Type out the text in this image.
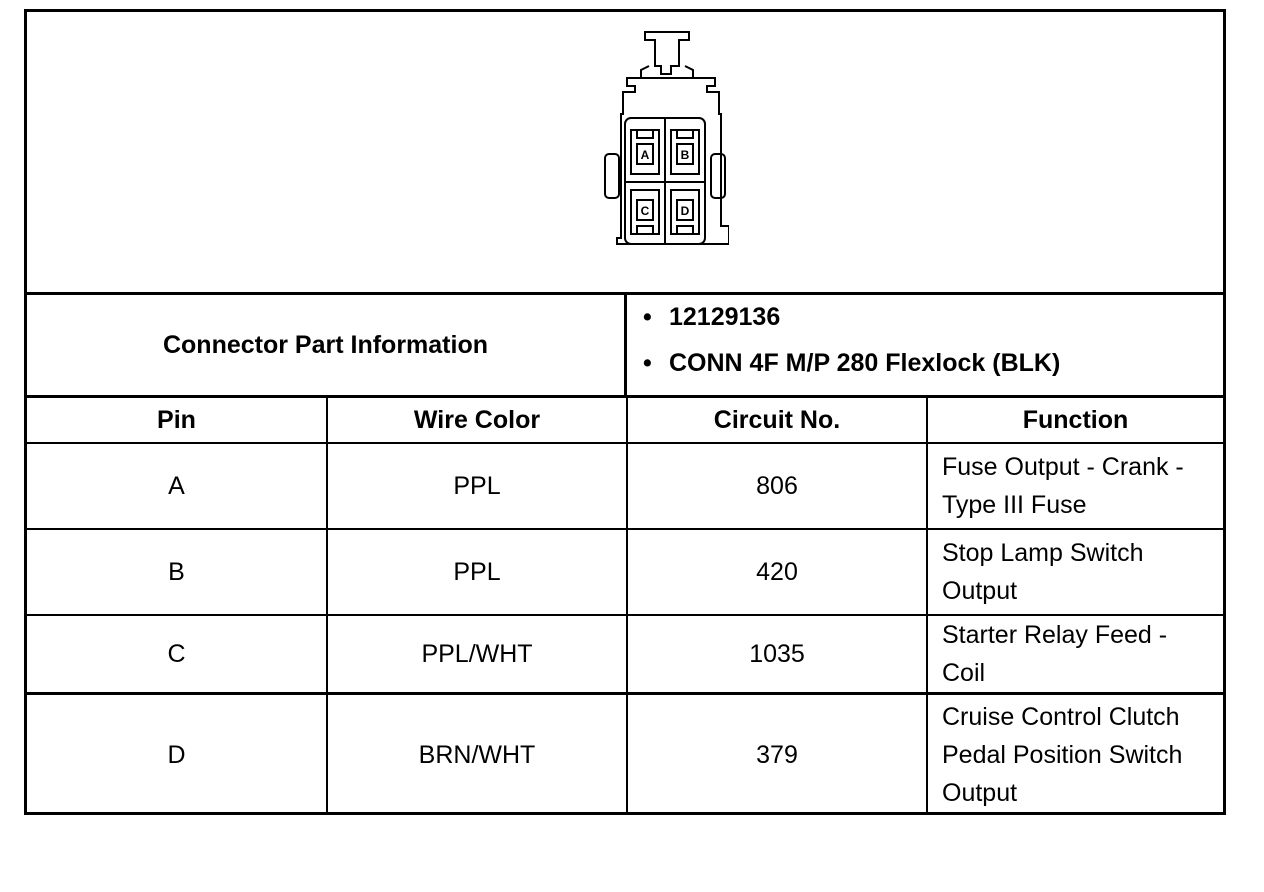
A	B
C	D
Connector Part Information
• 12129136
• CONN 4F M/P 280 Flexlock (BLK)
Pin	Wire Color	Circuit No.	Function
A	PPL	806	Fuse Output - Crank - Type III Fuse
B	PPL	420	Stop Lamp Switch Output
C	PPL/WHT	1035	Starter Relay Feed - Coil
D	BRN/WHT	379	Cruise Control Clutch Pedal Position Switch Output
